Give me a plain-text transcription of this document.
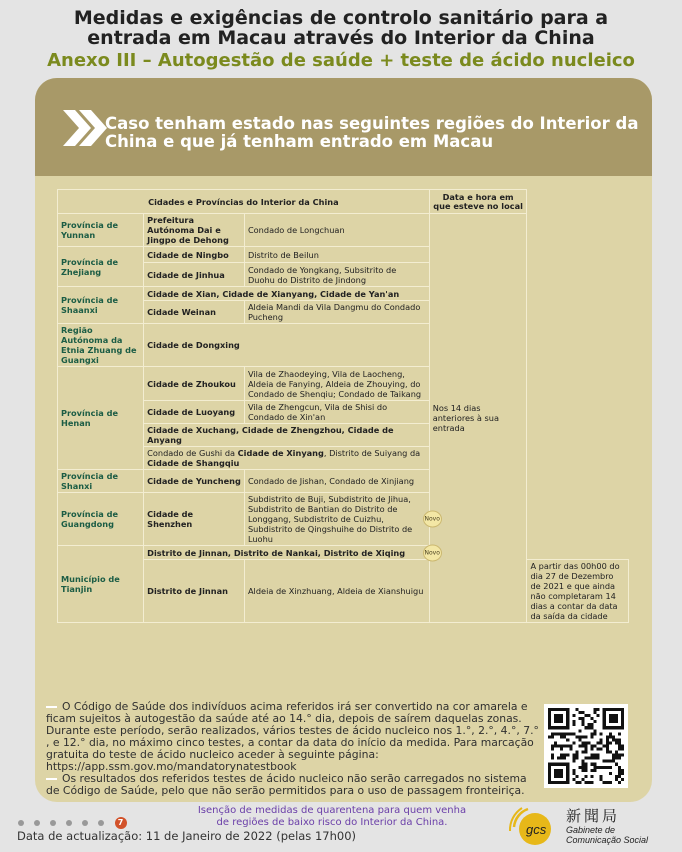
Medidas e exigências de controlo sanitário para a entrada em Macau através do Interior da China
Anexo III – Autogestão de saúde + teste de ácido nucleico
Caso tenham estado nas seguintes regiões do Interior da China e que já tenham entrado em Macau
Cidades e Províncias do Interior da China			Data e hora em que esteve no local	
Província de Yunnan	Prefeitura Autónoma Dai e Jingpo de Dehong	Condado de Longchuan	Nos 14 dias anteriores à sua entrada	
Província de Zhejiang	Cidade de Ningbo	Distrito de Beilun		
	Cidade de Jinhua	Condado de Yongkang, Subsitrito de Duohu do Distrito de Jindong		
Província de Shaanxi	Cidade de Xian, Cidade de Xianyang, Cidade de Yan'an			
	Cidade Weinan	Aldeia Mandi da Vila Dangmu do Condado Pucheng		
Região Autónoma da Etnia Zhuang de Guangxi	Cidade de Dongxing			
Província de Henan	Cidade de Zhoukou	Vila de Zhaodeying, Vila de Laocheng, Aldeia de Fanying, Aldeia de Zhouying, do Condado de Shenqiu; Condado de Taikang		
	Cidade de Luoyang	Vila de Zhengcun, Vila de Shisi do Condado de Xin'an		
	Cidade de Xuchang, Cidade de Zhengzhou, Cidade de Anyang			
	Condado de Gushi da Cidade de Xinyang, Distrito de Suiyang da Cidade de Shangqiu			
Província de Shanxi	Cidade de Yuncheng	Condado de Jishan, Condado de Xinjiang		
Província de Guangdong	Cidade de Shenzhen	Subdistrito de Buji, Subdistrito de Jihua, Subdistrito de Bantian do Distrito de Longgang, Subdistrito de Cuizhu, Subdistrito de Qingshuihe do Distrito de Luohu
Novo		

Município de Tianjin	Distrito de Jinnan, Distrito de Nankai, Distrito de Xiqing Novo			

	Distrito de Jinnan	Aldeia de Xinzhuang, Aldeia de Xianshuigu		A partir das 00h00 do dia 27 de Dezembro de 2021 e que ainda não completaram 14 dias a contar da data da saída da cidade

O Código de Saúde dos indivíduos acima referidos irá ser convertido na cor amarela e ficam sujeitos à autogestão da saúde até ao 14.° dia, depois de saírem daquelas zonas. Durante este período, serão realizados, vários testes de ácido nucleico nos 1.°, 2.°, 4.°, 7.° , e 12.° dia, no máximo cinco testes, a contar da data do início da medida. Para marcação gratuita do teste de ácido nucleico aceder à seguinte página:

https://app.ssm.gov.mo/mandatorynatestbook

Os resultados dos referidos testes de ácido nucleico não serão carregados no sistema de Código de Saúde, pelo que não serão permitidos para o uso de passagem fronteiriça.

7
Data de actualização: 11 de Janeiro de 2022 (pelas 17h00)
Isenção de medidas de quarentena para quem venha de regiões de baixo risco do Interior da China.	gcs
新聞局
Gabinete de Comunicação Social
